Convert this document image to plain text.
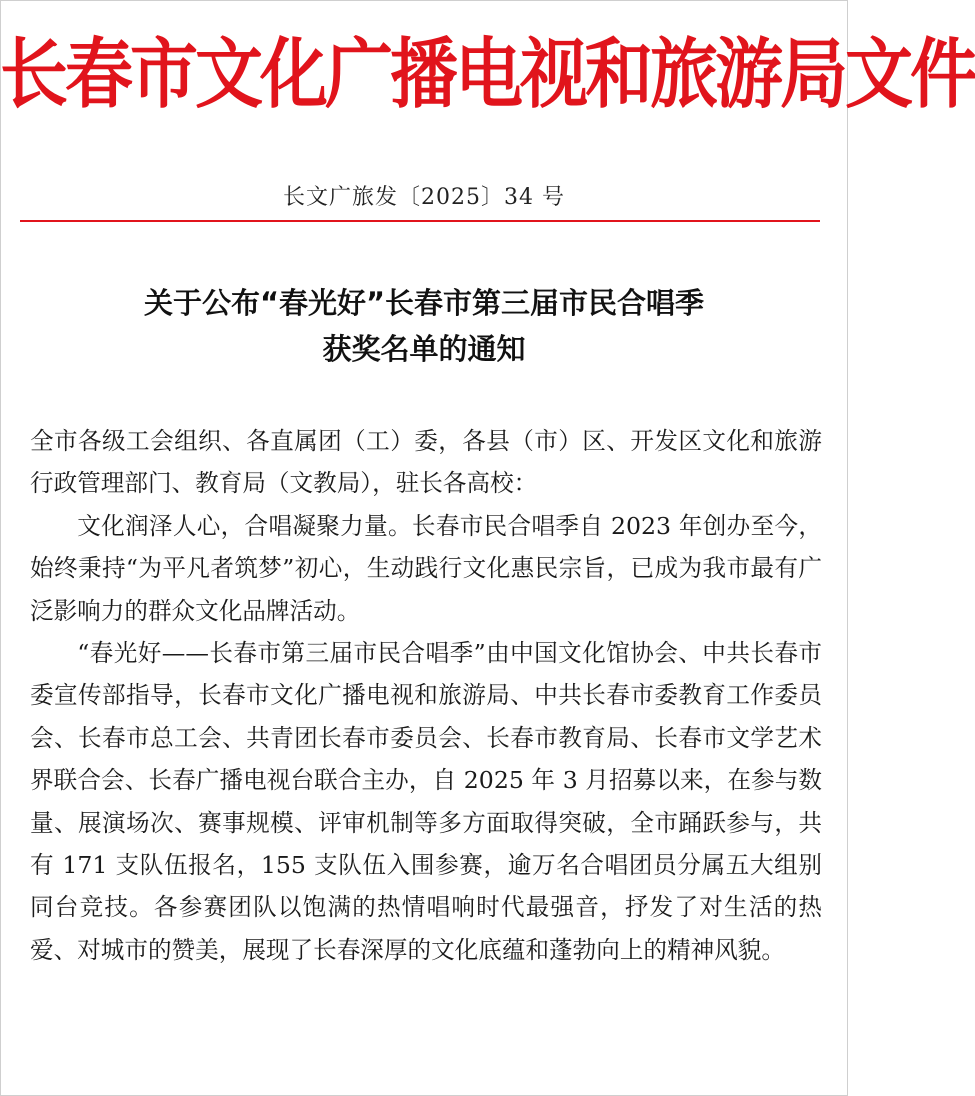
长春市文化广播电视和旅游局文件
长文广旅发〔2025〕34 号
关于公布“春光好”长春市第三届市民合唱季
获奖名单的通知

全市各级工会组织、各直属团（工）委，各县（市）区、开发区文化和旅游行政管理部门、教育局（文教局），驻长各高校：

文化润泽人心，合唱凝聚力量。长春市民合唱季自 2023 年创办至今，始终秉持“为平凡者筑梦”初心，生动践行文化惠民宗旨，已成为我市最有广泛影响力的群众文化品牌活动。

“春光好——长春市第三届市民合唱季”由中国文化馆协会、中共长春市委宣传部指导，长春市文化广播电视和旅游局、中共长春市委教育工作委员会、长春市总工会、共青团长春市委员会、长春市教育局、长春市文学艺术界联合会、长春广播电视台联合主办，自 2025 年 3 月招募以来，在参与数量、展演场次、赛事规模、评审机制等多方面取得突破，全市踊跃参与，共有 171 支队伍报名，155 支队伍入围参赛，逾万名合唱团员分属五大组别同台竞技。各参赛团队以饱满的热情唱响时代最强音，抒发了对生活的热爱、对城市的赞美，展现了长春深厚的文化底蕴和蓬勃向上的精神风貌。
